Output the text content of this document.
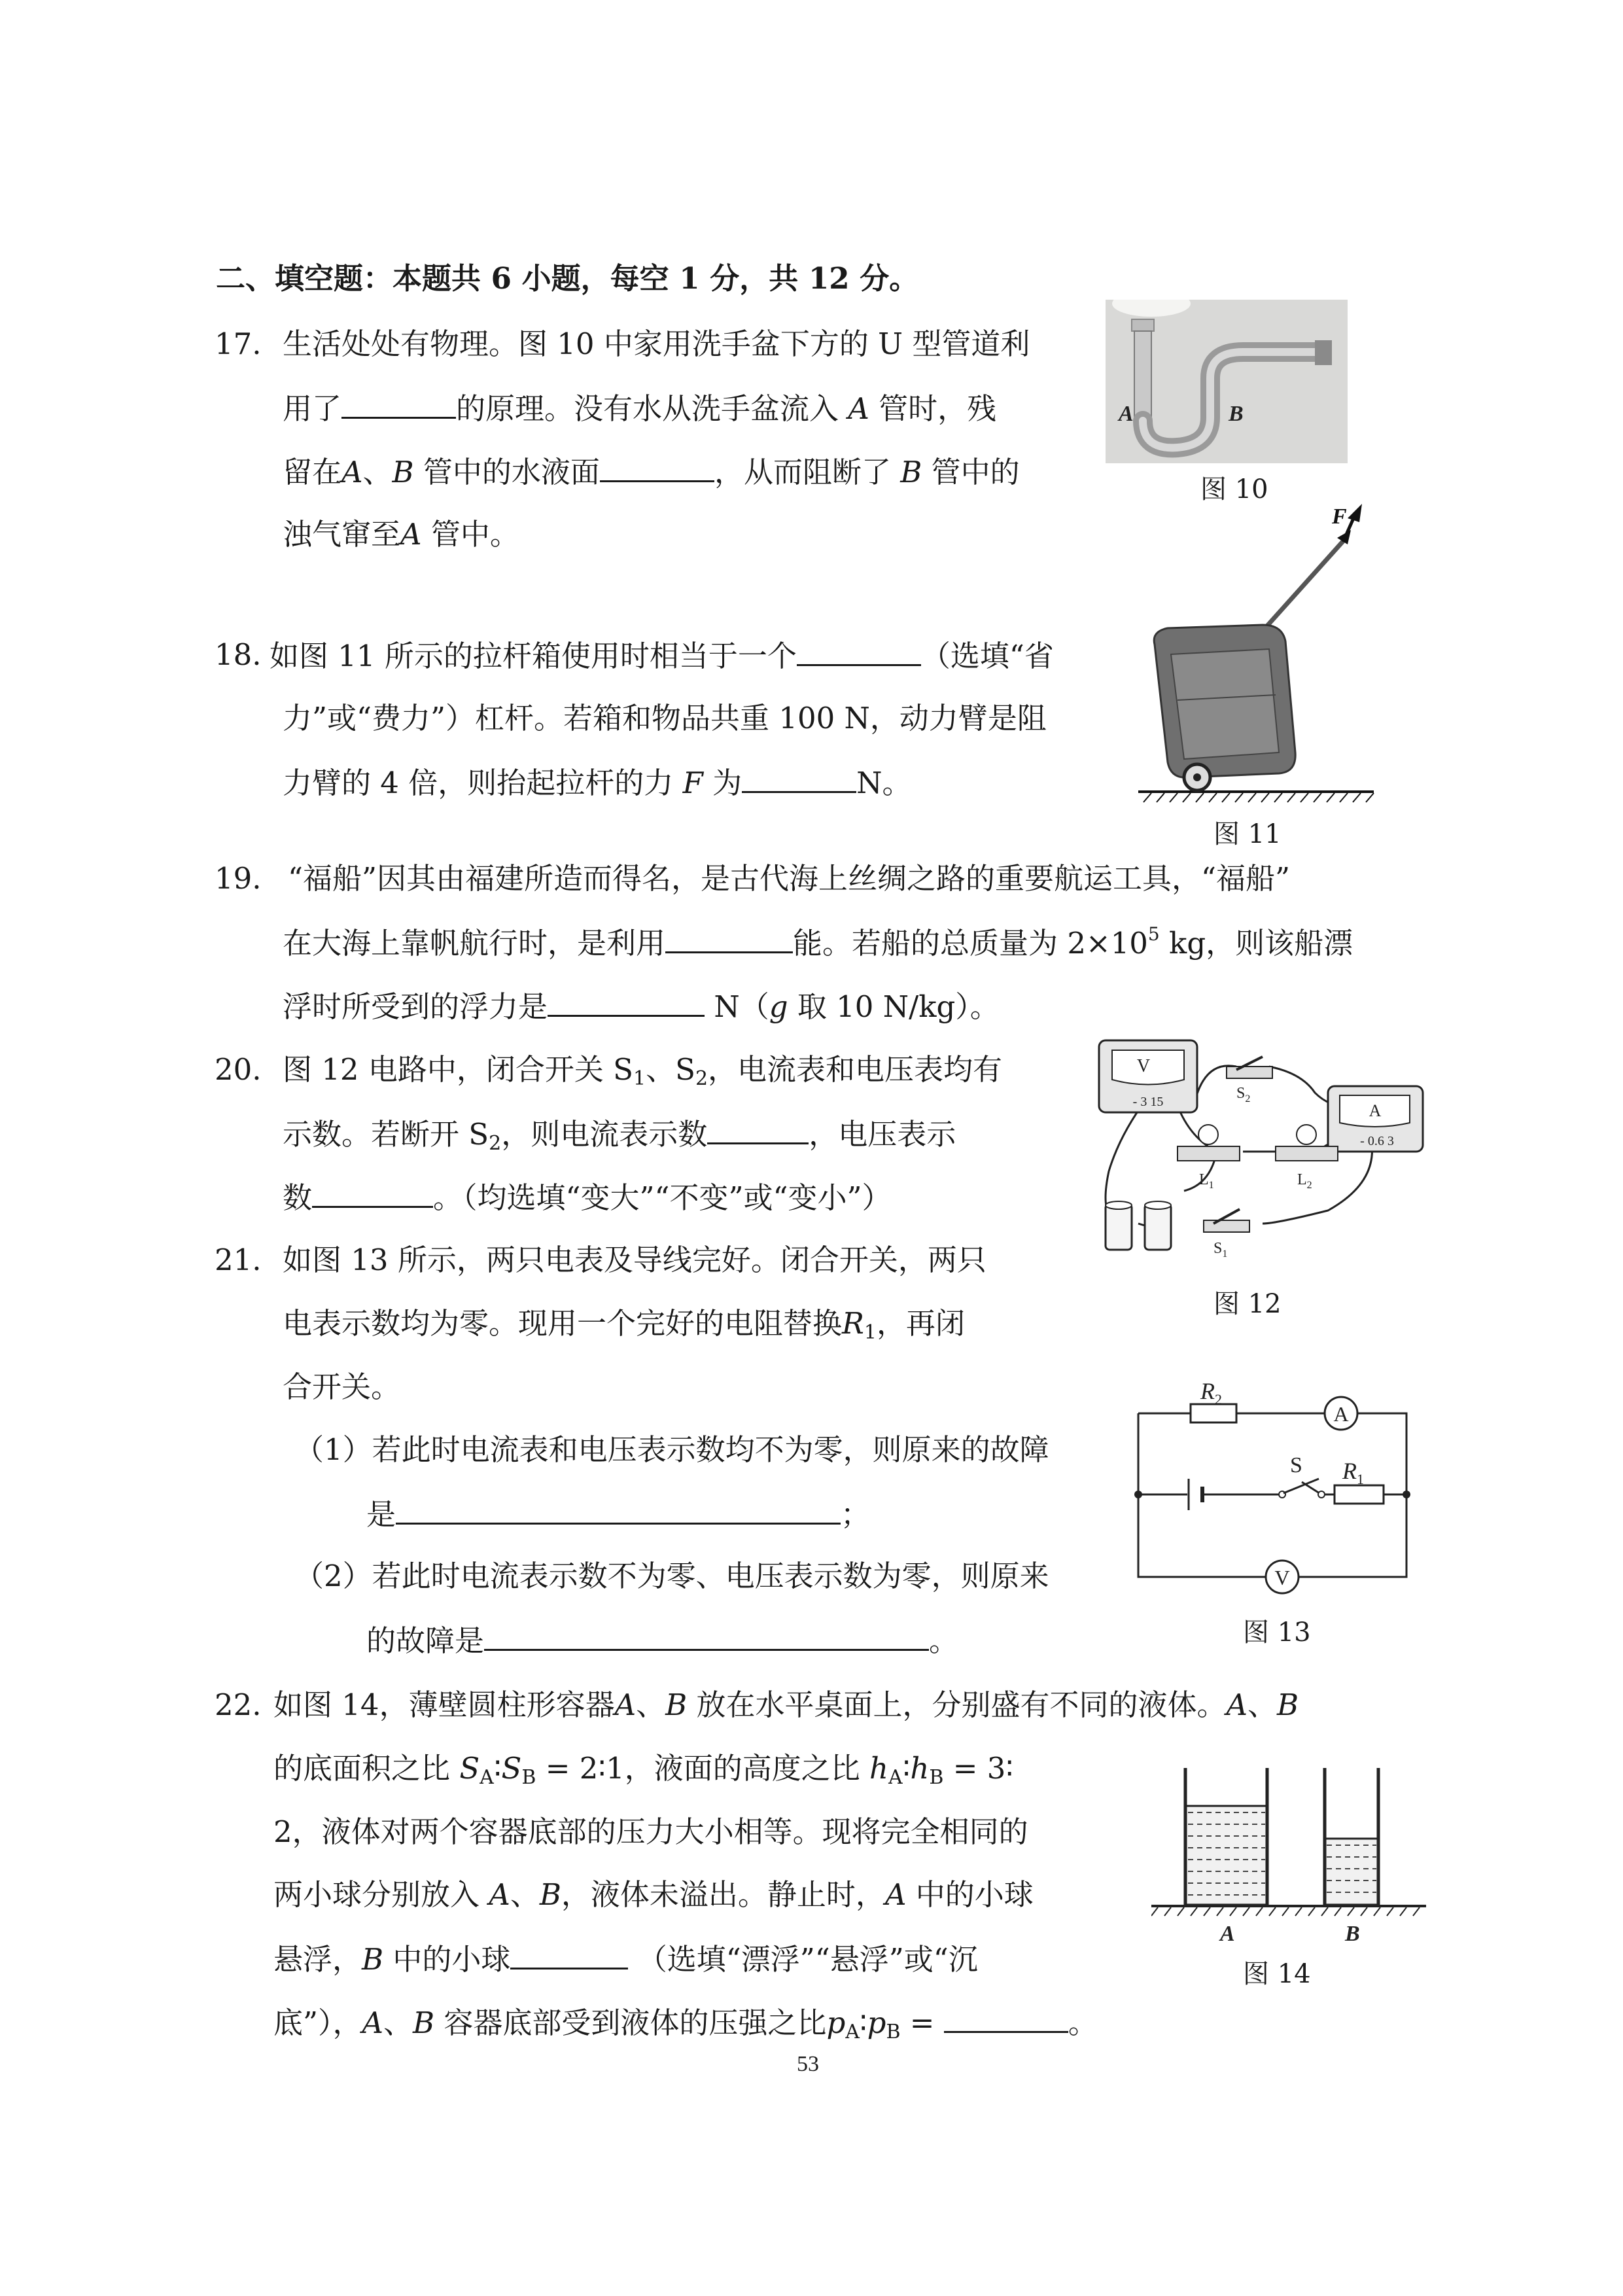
二、填空题：本题共 6 小题，每空 1 分，共 12 分。
17. 生活处处有物理。图 10 中家用洗手盆下方的 U 型管道利
用了	的原理。没有水从洗手盆流入 A 管时，残
留在A、B 管中的水液面	，从而阻断了 B 管中的
浊气窜至A 管中。
A	B
图 10
18. 如图 11 所示的拉杆箱使用时相当于一个	（选填“省
力”或“费力”）杠杆。若箱和物品共重 100 N，动力臂是阻
力臂的 4 倍，则抬起拉杆的力 F 为	N。
F
图 11
19. “福船”因其由福建所造而得名，是古代海上丝绸之路的重要航运工具，“福船”
在大海上靠帆航行时，是利用	能。若船的总质量为 $2\times 10^5$ kg，则该船漂
浮时所受到的浮力是	N（g 取 10 N/kg）。
20. 图 12 电路中，闭合开关 $S_1$、$S_2$，电流表和电压表均有
示数。若断开 $S_2$，则电流表示数	，电压表示
数	。（均选填“变大”“不变”或“变小”）
V
- 3 15	A
- 0.6 3
$S_2$
$L_1$	$L_2$
$S_1$
图 12
21. 如图 13 所示，两只电表及导线完好。闭合开关，两只
电表示数均为零。现用一个完好的电阻替换$R_1$，再闭
合开关。
（1）若此时电流表和电压表示数均不为零，则原来的故障
是	；
（2）若此时电流表示数不为零、电压表示数为零，则原来
的故障是	。
$R_2$
A
S $R_1$
V
图 13
22. 如图 14，薄壁圆柱形容器A、B 放在水平桌面上，分别盛有不同的液体。A、B
的底面积之比 $S_A∶S_B$ = 2∶1，液面的高度之比 $h_A∶h_B$ = 3∶
2，液体对两个容器底部的压力大小相等。现将完全相同的
两小球分别放入 A、B，液体未溢出。静止时，A 中的小球
悬浮，B 中的小球	（选填“漂浮”“悬浮”或“沉
底”），A、B 容器底部受到液体的压强之比$p_A∶p_B$ =	。
A	B
图 14
53
